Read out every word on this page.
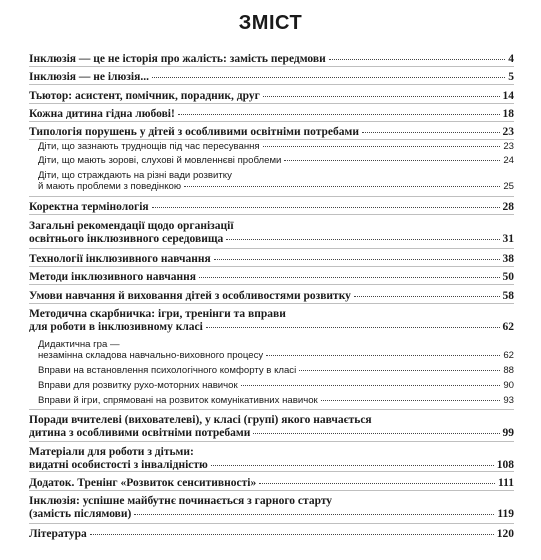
ЗМІСТ
Інклюзія — це не історія про жалість: замість передмови	4
Інклюзія — не ілюзія...	5
Тьютор: асистент, помічник, порадник, друг	14
Кожна дитина гідна любові!	18
Типологія порушень у дітей з особливими освітніми потребами	23
Діти, що зазнають труднощів під час пересування	23
Діти, що мають зорові, слухові й мовленнєві проблеми	24
Діти, що страждають на різні вади розвитку
й мають проблеми з поведінкою	25
Коректна термінологія	28
Загальні рекомендації щодо організації
освітнього інклюзивного середовища	31
Технології інклюзивного навчання	38
Методи інклюзивного навчання	50
Умови навчання й виховання дітей з особливостями розвитку	58
Методична скарбничка: ігри, тренінги та вправи
для роботи в інклюзивному класі	62
Дидактична гра —
незамінна складова навчально-виховного процесу	62
Вправи на встановлення психологічного комфорту в класі	88
Вправи для розвитку рухо-моторних навичок	90
Вправи й ігри, спрямовані на розвиток комунікативних навичок	93
Поради вчителеві (вихователеві), у класі (групі) якого навчається
дитина з особливими освітніми потребами	99
Матеріали для роботи з дітьми:
видатні особистості з інвалідністю	108
Додаток. Тренінг «Розвиток сенситивності»	111
Інклюзія: успішне майбутнє починається з гарного старту
(замість післямови)	119
Література	120
